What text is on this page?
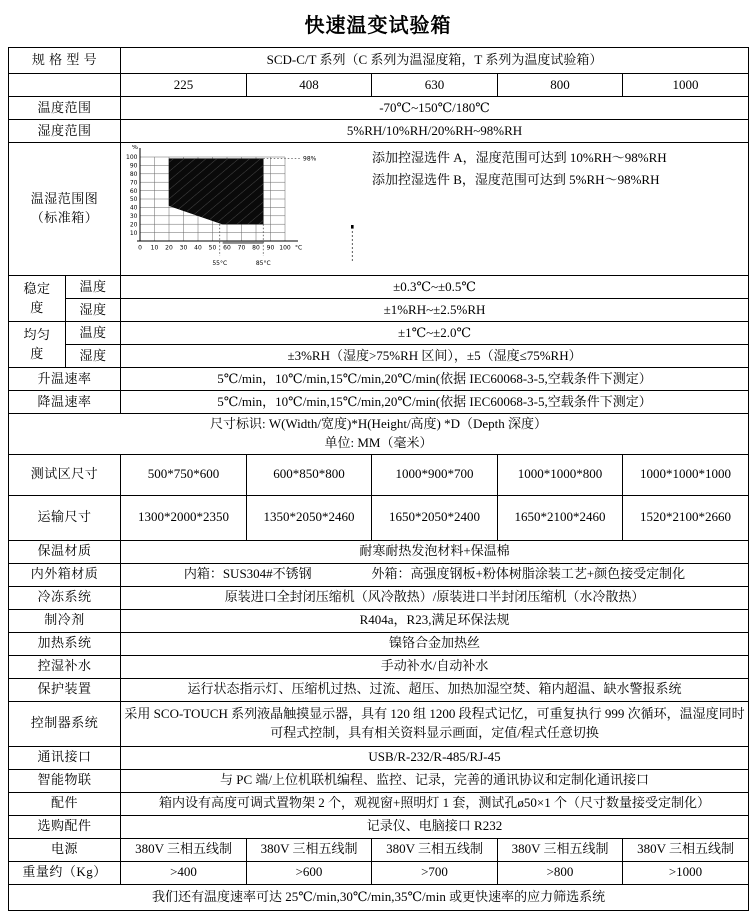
快速温变试验箱
规 格 型 号		SCD-C/T 系列（C 系列为温湿度箱，T 系列为温度试验箱）				
		225	408	630	800	1000
温度范围		-70℃~150℃/180℃				
湿度范围		5%RH/10%RH/20%RH~98%RH				

温湿范围图
（标准箱）

98%
55°C	85°C
0 10 20 30 40 50 60 70 80 90 100 °C
10
20
30
40
50
60
70
80
90
100
%
添加控湿选件 A，湿度范围可达到 10%RH～98%RH
添加控湿选件 B，湿度范围可达到 5%RH～98%RH

稳定
度	温度	±0.3℃~±0.5℃				
	湿度	±1%RH~±2.5%RH				

均匀
度	温度	±1℃~±2.0℃				
	湿度	±3%RH（湿度>75%RH 区间），±5（湿度≤75%RH）				
升温速率		5℃/min，10℃/min,15℃/min,20℃/min(依据 IEC60068-3-5,空载条件下测定）				
降温速率		5℃/min，10℃/min,15℃/min,20℃/min(依据 IEC60068-3-5,空载条件下测定）				

尺寸标识: W(Width/宽度)*H(Height/高度) *D（Depth 深度）
单位: MM（毫米）						

测试区尺寸		500*750*600	600*850*800	1000*900*700	1000*1000*800	1000*1000*1000
运输尺寸		1300*2000*2350	1350*2050*2460	1650*2050*2400	1650*2100*2460	1520*2100*2660
保温材质		耐寒耐热发泡材料+保温棉				
内外箱材质		内箱：SUS304#不锈钢 外箱：高强度钢板+粉体树脂涂装工艺+颜色接受定制化				

冷冻系统		原装进口全封闭压缩机（风冷散热）/原装进口半封闭压缩机（水冷散热）				
制冷剂		R404a，R23,满足环保法规				
加热系统		镍铬合金加热丝				
控湿补水		手动补水/自动补水				
保护装置		运行状态指示灯、压缩机过热、过流、超压、加热加湿空焚、箱内超温、缺水警报系统				
控制器系统		采用 SCO-TOUCH 系列液晶触摸显示器，具有 120 组 1200 段程式记忆，可重复执行 999 次循环，温湿度同时可程式控制，具有相关资料显示画面，定值/程式任意切换				
通讯接口		USB/R-232/R-485/RJ-45				
智能物联		与 PC 端/上位机联机编程、监控、记录，完善的通讯协议和定制化通讯接口				
配件		箱内设有高度可调式置物架 2 个，观视窗+照明灯 1 套，测试孔ø50×1 个（尺寸数量接受定制化）				
选购配件		记录仪、电脑接口 R232				
电源		380V 三相五线制	380V 三相五线制	380V 三相五线制	380V 三相五线制	380V 三相五线制
重量约（Kg）		>400	>600	>700	>800	>1000
我们还有温度速率可达 25℃/min,30℃/min,35℃/min 或更快速率的应力筛选系统						
